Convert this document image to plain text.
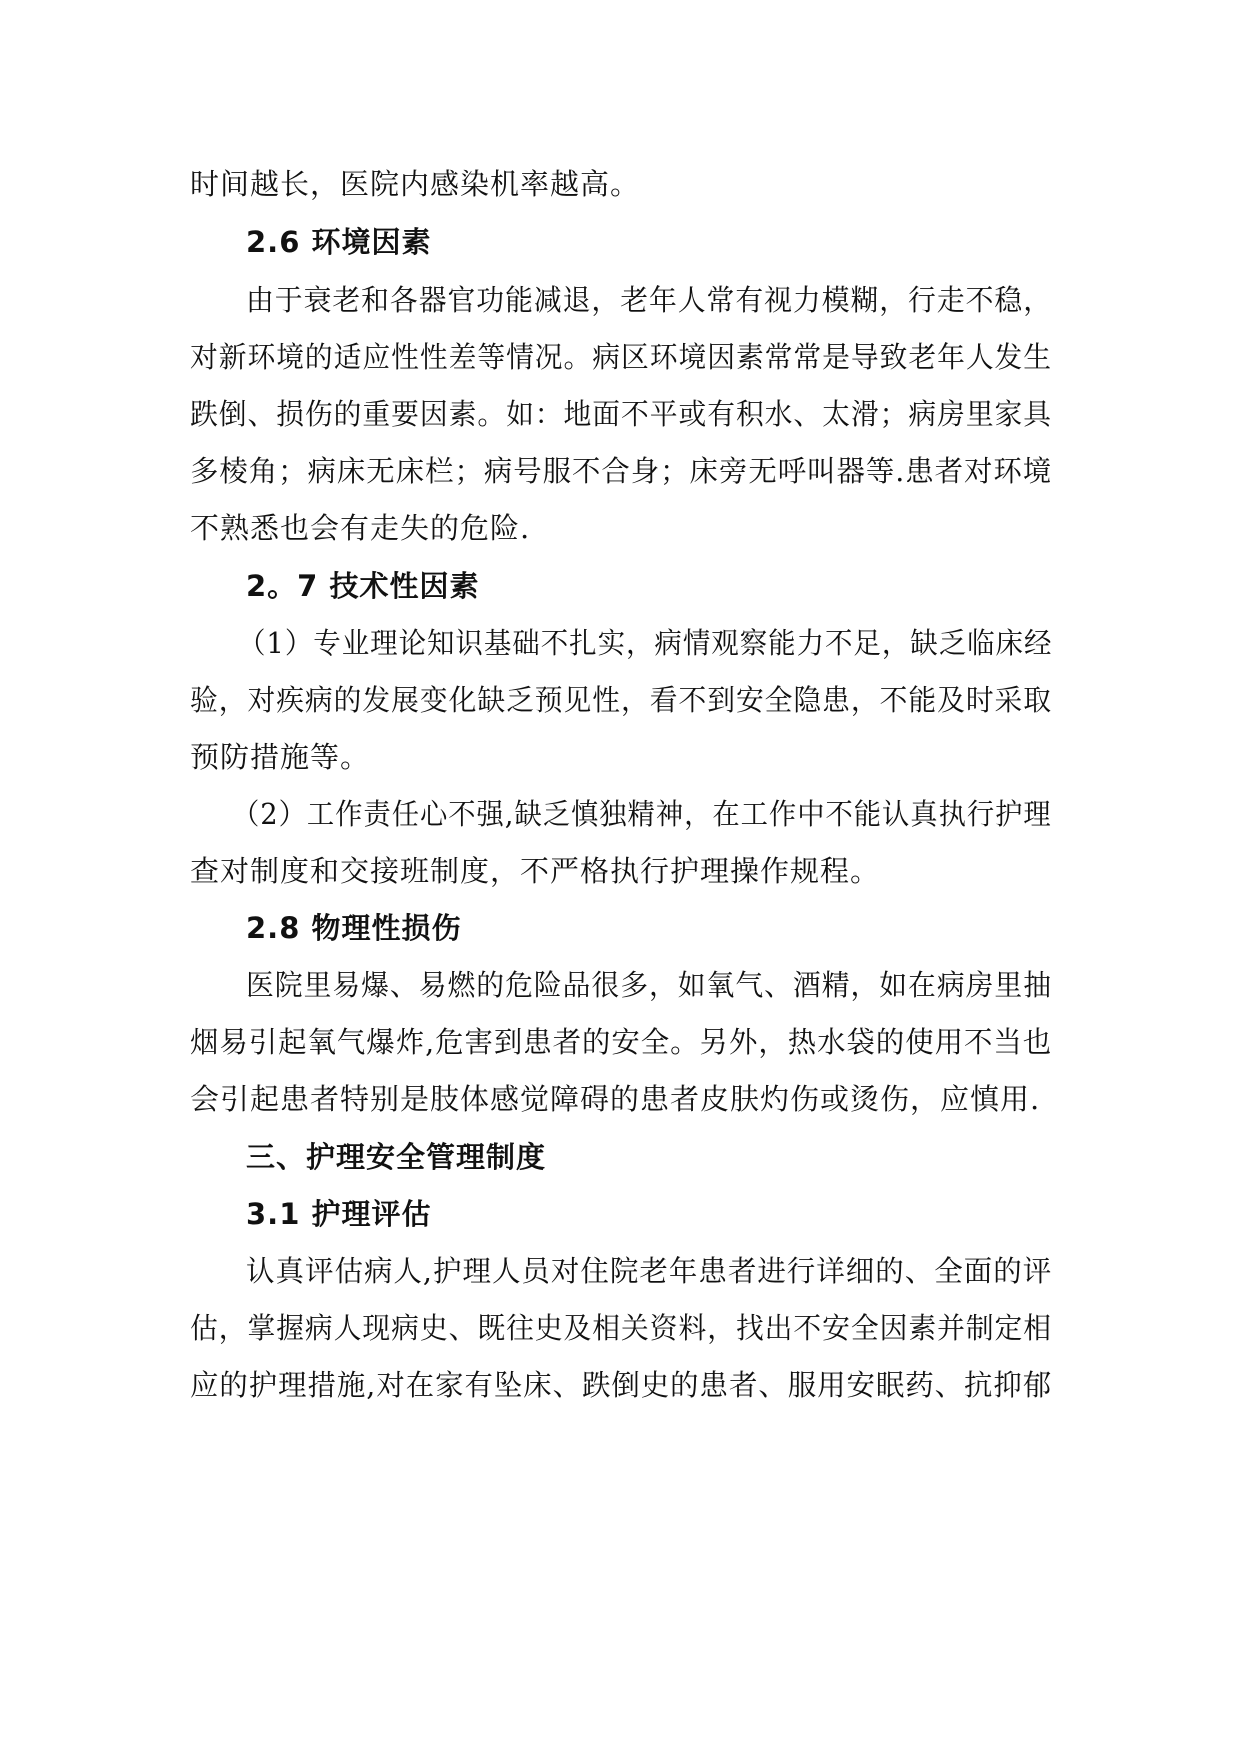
时间越长，医院内感染机率越高。
2.6 环境因素
由于衰老和各器官功能减退，老年人常有视力模糊，行走不稳，
对新环境的适应性性差等情况。病区环境因素常常是导致老年人发生
跌倒、损伤的重要因素。如：地面不平或有积水、太滑；病房里家具
多棱角；病床无床栏；病号服不合身；床旁无呼叫器等.患者对环境
不熟悉也会有走失的危险.
2。7 技术性因素
（1）专业理论知识基础不扎实，病情观察能力不足，缺乏临床经
验，对疾病的发展变化缺乏预见性，看不到安全隐患，不能及时采取
预防措施等。
（2）工作责任心不强,缺乏慎独精神，在工作中不能认真执行护理
查对制度和交接班制度，不严格执行护理操作规程。
2.8 物理性损伤
医院里易爆、易燃的危险品很多，如氧气、酒精，如在病房里抽
烟易引起氧气爆炸,危害到患者的安全。另外，热水袋的使用不当也
会引起患者特别是肢体感觉障碍的患者皮肤灼伤或烫伤，应慎用.
三、护理安全管理制度
3.1 护理评估
认真评估病人,护理人员对住院老年患者进行详细的、全面的评
估，掌握病人现病史、既往史及相关资料，找出不安全因素并制定相
应的护理措施,对在家有坠床、跌倒史的患者、服用安眠药、抗抑郁
